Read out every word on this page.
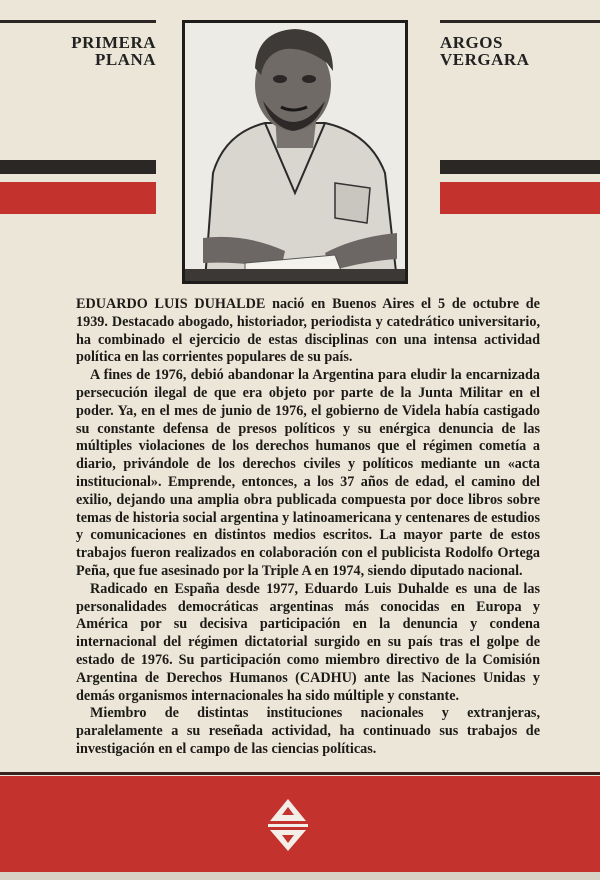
PRIMERA
PLANA
ARGOS
VERGARA

EDUARDO LUIS DUHALDE nació en Buenos Aires el 5 de octubre de 1939. Destacado abogado, historiador, periodista y catedrático universitario, ha combinado el ejercicio de estas disciplinas con una intensa actividad política en las corrientes populares de su país.

A fines de 1976, debió abandonar la Argentina para eludir la encarnizada persecución ilegal de que era objeto por parte de la Junta Militar en el poder. Ya, en el mes de junio de 1976, el gobierno de Videla había castigado su constante defensa de presos políticos y su enérgica denuncia de las múltiples violaciones de los derechos humanos que el régimen cometía a diario, privándole de los derechos civiles y políticos mediante un «acta institucional». Emprende, entonces, a los 37 años de edad, el camino del exilio, dejando una amplia obra publicada compuesta por doce libros sobre temas de historia social argentina y latinoamericana y centenares de estudios y comunicaciones en distintos medios escritos. La mayor parte de estos trabajos fueron realizados en colaboración con el publicista Rodolfo Ortega Peña, que fue asesinado por la Triple A en 1974, siendo diputado nacional.

Radicado en España desde 1977, Eduardo Luis Duhalde es una de las personalidades democráticas argentinas más conocidas en Europa y América por su decisiva participación en la denuncia y condena internacional del régimen dictatorial surgido en su país tras el golpe de estado de 1976. Su participación como miembro directivo de la Comisión Argentina de Derechos Humanos (CADHU) ante las Naciones Unidas y demás organismos internacionales ha sido múltiple y constante.

Miembro de distintas instituciones nacionales y extranjeras, paralelamente a su reseñada actividad, ha continuado sus trabajos de investigación en el campo de las ciencias políticas.
